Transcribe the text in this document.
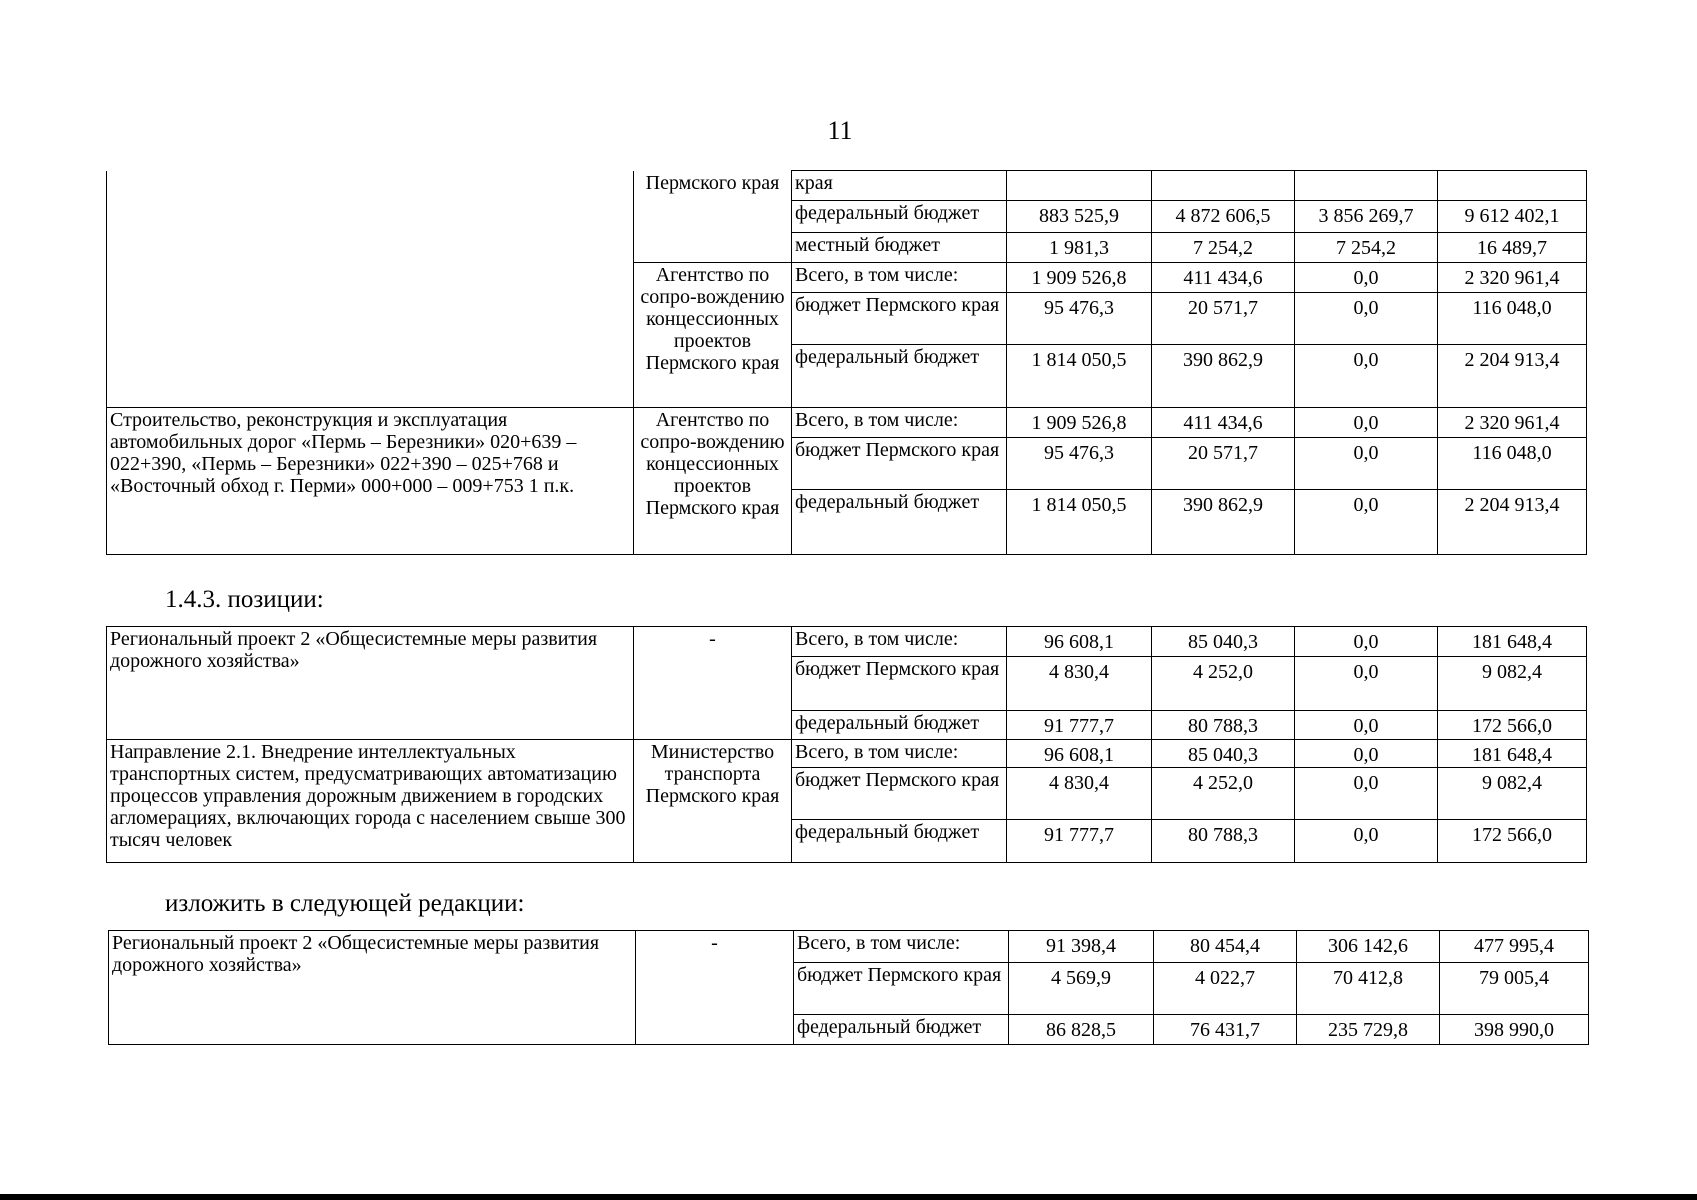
11
	Пермского края	края				
		федеральный бюджет	883 525,9	4 872 606,5	3 856 269,7	9 612 402,1
		местный бюджет	1 981,3	7 254,2	7 254,2	16 489,7
	Агентство по сопро-вождению концессионных проектов Пермского края	Всего, в том числе:	1 909 526,8	411 434,6	0,0	2 320 961,4
		бюджет Пермского края	95 476,3	20 571,7	0,0	116 048,0
		федеральный бюджет	1 814 050,5	390 862,9	0,0	2 204 913,4
Строительство, реконструкция и эксплуатация автомобильных дорог «Пермь – Березники» 020+639 – 022+390, «Пермь – Березники» 022+390 – 025+768 и «Восточный обход г. Перми» 000+000 – 009+753 1 п.к.	Агентство по сопро-вождению концессионных проектов Пермского края	Всего, в том числе:	1 909 526,8	411 434,6	0,0	2 320 961,4
		бюджет Пермского края	95 476,3	20 571,7	0,0	116 048,0
		федеральный бюджет	1 814 050,5	390 862,9	0,0	2 204 913,4
1.4.3. позиции:
Региональный проект 2 «Общесистемные меры развития дорожного хозяйства»	-	Всего, в том числе:	96 608,1	85 040,3	0,0	181 648,4
		бюджет Пермского края	4 830,4	4 252,0	0,0	9 082,4
		федеральный бюджет	91 777,7	80 788,3	0,0	172 566,0
Направление 2.1. Внедрение интеллектуальных транспортных систем, предусматривающих автоматизацию процессов управления дорожным движением в городских агломерациях, включающих города с населением свыше 300 тысяч человек	Министерство транспорта Пермского края	Всего, в том числе:	96 608,1	85 040,3	0,0	181 648,4
		бюджет Пермского края	4 830,4	4 252,0	0,0	9 082,4
		федеральный бюджет	91 777,7	80 788,3	0,0	172 566,0
изложить в следующей редакции:
Региональный проект 2 «Общесистемные меры развития дорожного хозяйства»	-	Всего, в том числе:	91 398,4	80 454,4	306 142,6	477 995,4
		бюджет Пермского края	4 569,9	4 022,7	70 412,8	79 005,4
		федеральный бюджет	86 828,5	76 431,7	235 729,8	398 990,0
